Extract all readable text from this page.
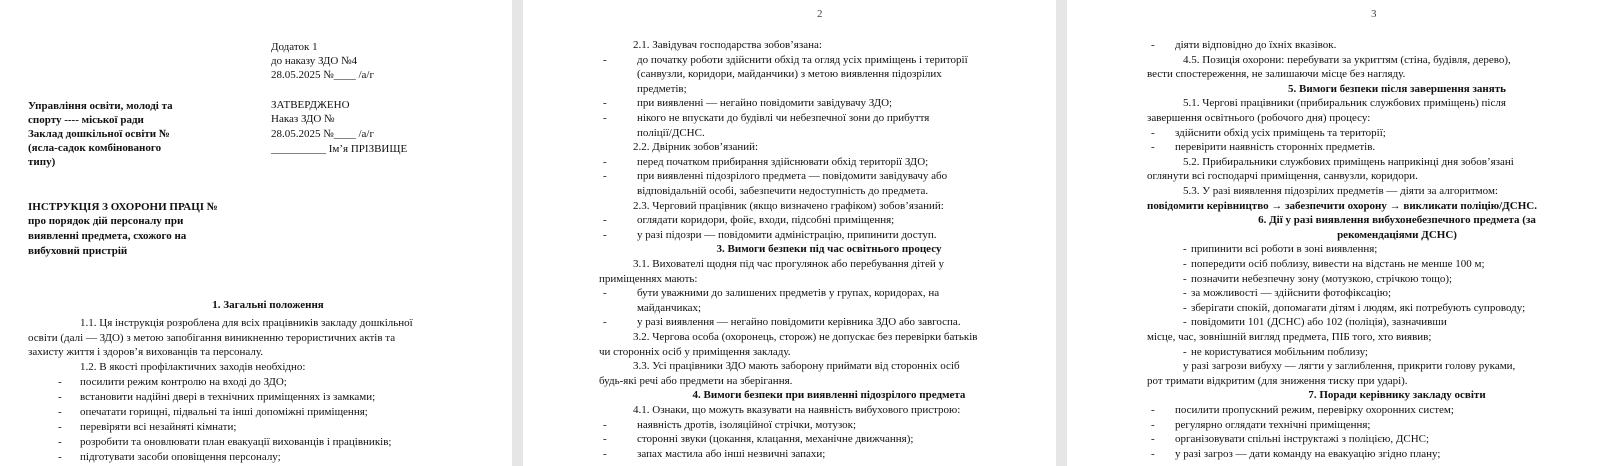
Додаток 1
до наказу ЗДО №4
28.05.2025 №____ /а/г
Управління освіти, молоді та
спорту ---- міської ради
Заклад дошкільної освіти №
(ясла-садок комбінованого
типу)
ЗАТВЕРДЖЕНО
Наказ ЗДО №
28.05.2025 №____ /а/г
__________ Ім’я ПРІЗВИЩЕ
ІНСТРУКЦІЯ З ОХОРОНИ ПРАЦІ №
про порядок дій персоналу при
виявленні предмета, схожого на
вибуховий пристрій
1. Загальні положення
1.1. Ця інструкція розроблена для всіх працівників закладу дошкільної
освіти (далі — ЗДО) з метою запобігання виникненню терористичних актів та
захисту життя і здоров’я вихованців та персоналу.
1.2. В якості профілактичних заходів необхідно:
- посилити режим контролю на вході до ЗДО;
- встановити надійні двері в технічних приміщеннях із замками;
- опечатати горищні, підвальні та інші допоміжні приміщення;
- перевіряти всі незайняті кімнати;
- розробити та оновлювати план евакуації вихованців і працівників;
- підготувати засоби оповіщення персоналу;
2
2.1. Завідувач господарства зобов’язана:
-	до початку роботи здійснити обхід та огляд усіх приміщень і території
(санвузли, коридори, майданчики) з метою виявлення підозрілих
предметів;
-	при виявленні — негайно повідомити завідувачу ЗДО;
-	нікого не впускати до будівлі чи небезпечної зони до прибуття
поліції/ДСНС.
2.2. Двірник зобов’язаний:
-	перед початком прибирання здійснювати обхід території ЗДО;
-	при виявленні підозрілого предмета — повідомити завідувачу або
відповідальній особі, забезпечити недоступність до предмета.
2.3. Черговий працівник (якщо визначено графіком) зобов’язаний:
-	оглядати коридори, фойє, входи, підсобні приміщення;
-	у разі підозри — повідомити адміністрацію, припинити доступ.
3. Вимоги безпеки під час освітнього процесу
3.1. Вихователі щодня під час прогулянок або перебування дітей у
приміщеннях мають:
-	бути уважними до залишених предметів у групах, коридорах, на
майданчиках;
-	у разі виявлення — негайно повідомити керівника ЗДО або завгоспа.
3.2. Чергова особа (охоронець, сторож) не допускає без перевірки батьків
чи сторонніх осіб у приміщення закладу.
3.3. Усі працівники ЗДО мають заборону приймати від сторонніх осіб
будь-які речі або предмети на зберігання.
4. Вимоги безпеки при виявленні підозрілого предмета
4.1. Ознаки, що можуть вказувати на наявність вибухового пристрою:
-	наявність дротів, ізоляційної стрічки, мотузок;
-	сторонні звуки (цокання, клацання, механічне движчання);
-	запах мастила або інші незвичні запахи;
3
- діяти відповідно до їхніх вказівок.
4.5. Позиція охорони: перебувати за укриттям (стіна, будівля, дерево),
вести спостереження, не залишаючи місце без нагляду.
5. Вимоги безпеки після завершення занять
5.1. Чергові працівники (прибиральник службових приміщень) після
завершення освітнього (робочого дня) процесу:
- здійснити обхід усіх приміщень та території;
- перевірити наявність сторонніх предметів.
5.2. Прибиральники службових приміщень наприкінці дня зобов’язані
оглянути всі господарчі приміщення, санвузли, коридори.
5.3. У разі виявлення підозрілих предметів — діяти за алгоритмом:
повідомити керівництво → забезпечити охорону → викликати поліцію/ДСНС.
6. Дії у разі виявлення вибухонебезпечного предмета (за
рекомендаціями ДСНС)
- припинити всі роботи в зоні виявлення;
- попередити осіб поблизу, вивести на відстань не менше 100 м;
- позначити небезпечну зону (мотузкою, стрічкою тощо);
- за можливості — здійснити фотофіксацію;
- зберігати спокій, допомагати дітям і людям, які потребують супроводу;
- повідомити 101 (ДСНС) або 102 (поліція), зазначивши
місце, час, зовнішній вигляд предмета, ПІБ того, хто виявив;
- не користуватися мобільним поблизу;
у разі загрози вибуху — лягти у заглиблення, прикрити голову руками,
рот тримати відкритим (для зниження тиску при ударі).
7. Поради керівнику закладу освіти
- посилити пропускний режим, перевірку охоронних систем;
- регулярно оглядати технічні приміщення;
- організовувати спільні інструктажі з поліцією, ДСНС;
- у разі загроз — дати команду на евакуацію згідно плану;
